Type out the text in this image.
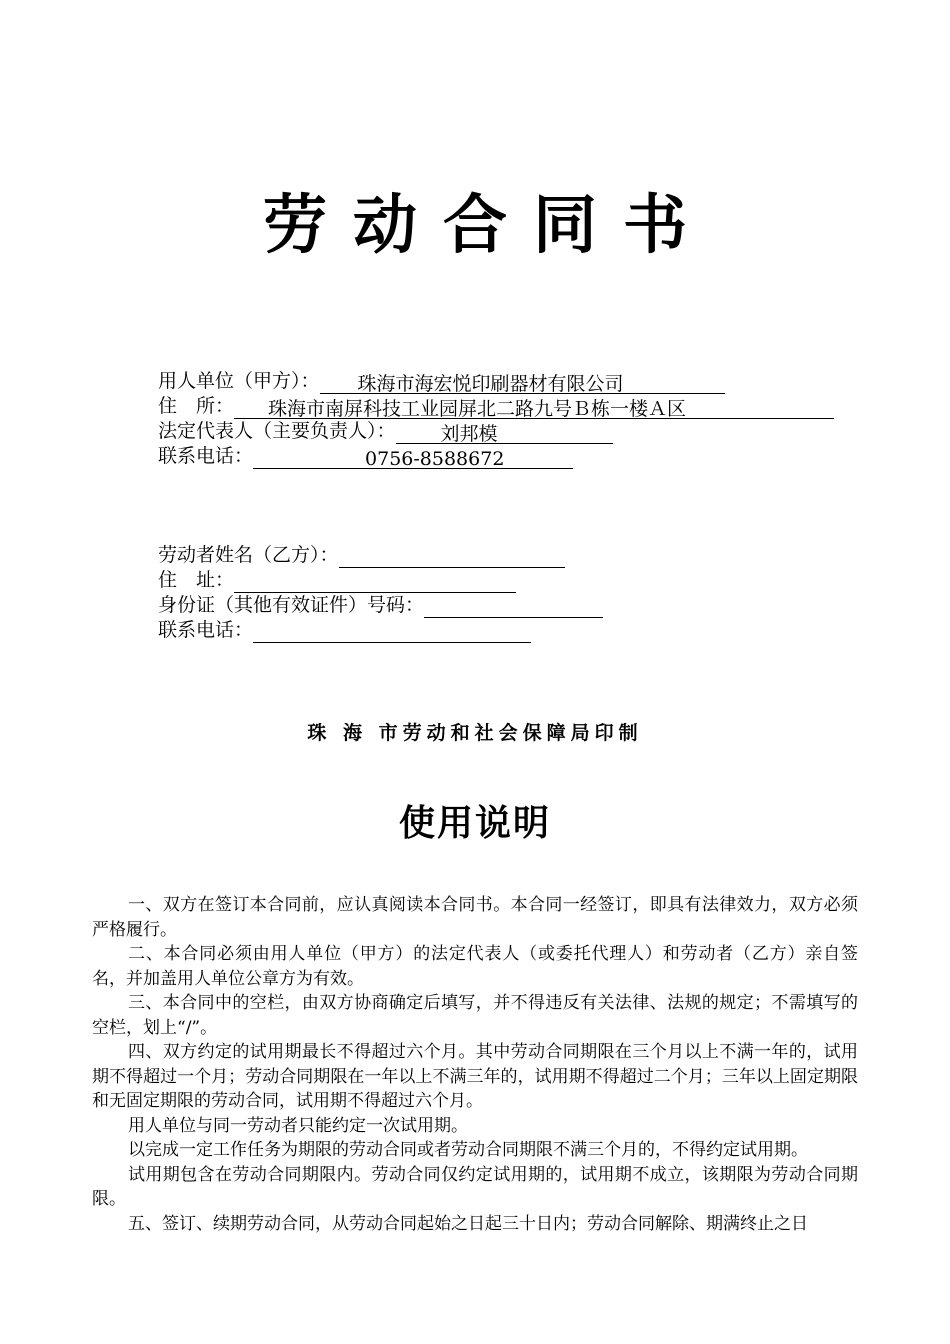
劳动合同书
用人单位（甲方）： 珠海市海宏悦印刷器材有限公司
住　所： 珠海市南屏科技工业园屏北二路九号Ｂ栋一楼Ａ区
法定代表人（主要负责人）： 刘邦模
联系电话：	0756-8588672
劳动者姓名（乙方）：
住　址：
身份证（其他有效证件）号码：
联系电话：
珠 海 市劳动和社会保障局印制
使用说明

一、双方在签订本合同前，应认真阅读本合同书。本合同一经签订，即具有法律效力，双方必须严格履行。

二、本合同必须由用人单位（甲方）的法定代表人（或委托代理人）和劳动者（乙方）亲自签名，并加盖用人单位公章方为有效。

三、本合同中的空栏，由双方协商确定后填写，并不得违反有关法律、法规的规定；不需填写的空栏，划上“/”。

四、双方约定的试用期最长不得超过六个月。其中劳动合同期限在三个月以上不满一年的，试用期不得超过一个月；劳动合同期限在一年以上不满三年的，试用期不得超过二个月；三年以上固定期限和无固定期限的劳动合同，试用期不得超过六个月。

用人单位与同一劳动者只能约定一次试用期。

以完成一定工作任务为期限的劳动合同或者劳动合同期限不满三个月的，不得约定试用期。

试用期包含在劳动合同期限内。劳动合同仅约定试用期的，试用期不成立，该期限为劳动合同期限。

五、签订、续期劳动合同，从劳动合同起始之日起三十日内；劳动合同解除、期满终止之日
